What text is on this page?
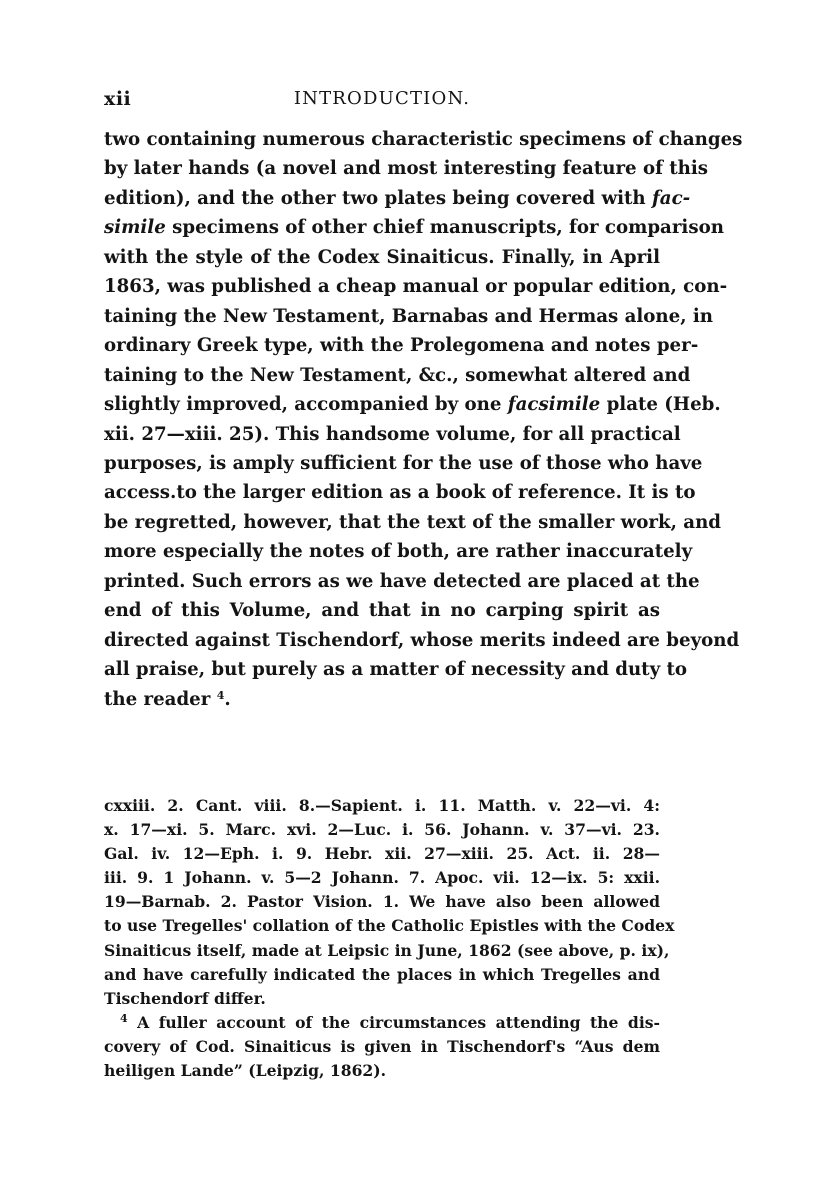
xii	INTRODUCTION.
two containing numerous characteristic specimens of changes
by later hands (a novel and most interesting feature of this
edition), and the other two plates being covered with fac-
simile specimens of other chief manuscripts, for comparison
with the style of the Codex Sinaiticus. Finally, in April
1863, was published a cheap manual or popular edition, con-
taining the New Testament, Barnabas and Hermas alone, in
ordinary Greek type, with the Prolegomena and notes per-
taining to the New Testament, &c., somewhat altered and
slightly improved, accompanied by one facsimile plate (Heb.
xii. 27—xiii. 25). This handsome volume, for all practical
purposes, is amply sufficient for the use of those who have
access.to the larger edition as a book of reference. It is to
be regretted, however, that the text of the smaller work, and
more especially the notes of both, are rather inaccurately
printed. Such errors as we have detected are placed at the
end of this Volume, and that in no carping spirit as
directed against Tischendorf, whose merits indeed are beyond
all praise, but purely as a matter of necessity and duty to
the reader $^4$.
cxxiii. 2. Cant. viii. 8.—Sapient. i. 11. Matth. v. 22—vi. 4:
x. 17—xi. 5. Marc. xvi. 2—Luc. i. 56. Johann. v. 37—vi. 23.
Gal. iv. 12—Eph. i. 9. Hebr. xii. 27—xiii. 25. Act. ii. 28—
iii. 9. 1 Johann. v. 5—2 Johann. 7. Apoc. vii. 12—ix. 5: xxii.
19—Barnab. 2. Pastor Vision. 1. We have also been allowed
to use Tregelles' collation of the Catholic Epistles with the Codex
Sinaiticus itself, made at Leipsic in June, 1862 (see above, p. ix),
and have carefully indicated the places in which Tregelles and
Tischendorf differ.
$^4$ A fuller account of the circumstances attending the dis-
covery of Cod. Sinaiticus is given in Tischendorf's “Aus dem
heiligen Lande” (Leipzig, 1862).
